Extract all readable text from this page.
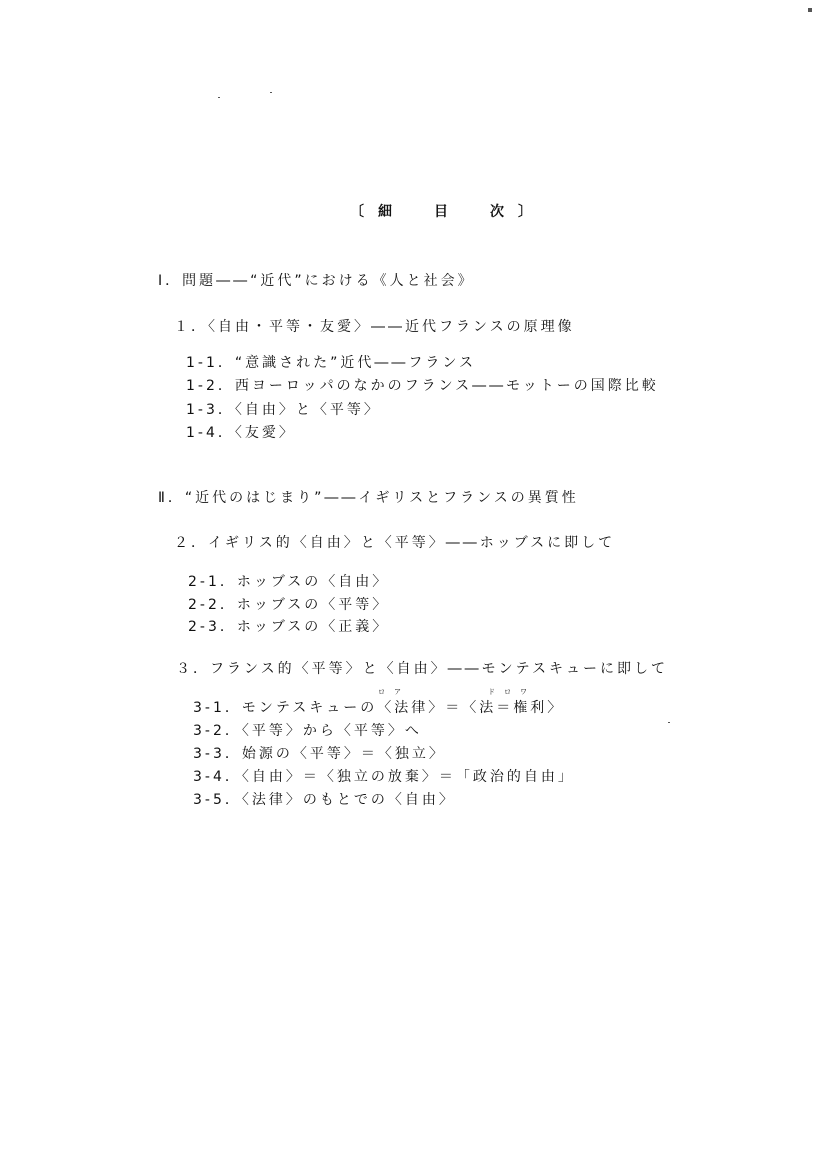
〔細　目　次〕
Ⅰ．問題――“近代”における《人と社会》
１．〈自由・平等・友愛〉――近代フランスの原理像
1-1．“意識された”近代――フランス
1-2．西ヨーロッパのなかのフランス――モットーの国際比較
1-3．〈自由〉と〈平等〉
1-4．〈友愛〉
Ⅱ．“近代のはじまり”――イギリスとフランスの異質性
２．イギリス的〈自由〉と〈平等〉――ホッブスに即して
2-1．ホッブスの〈自由〉
2-2．ホッブスの〈平等〉
2-3．ホッブスの〈正義〉
３．フランス的〈平等〉と〈自由〉――モンテスキューに即して
ロア	ドロワ
3-1．モンテスキューの〈法律〉＝〈法＝権利〉
3-2．〈平等〉から〈平等〉へ
3-3．始源の〈平等〉＝〈独立〉
3-4．〈自由〉＝〈独立の放棄〉＝「政治的自由」
3-5．〈法律〉のもとでの〈自由〉
